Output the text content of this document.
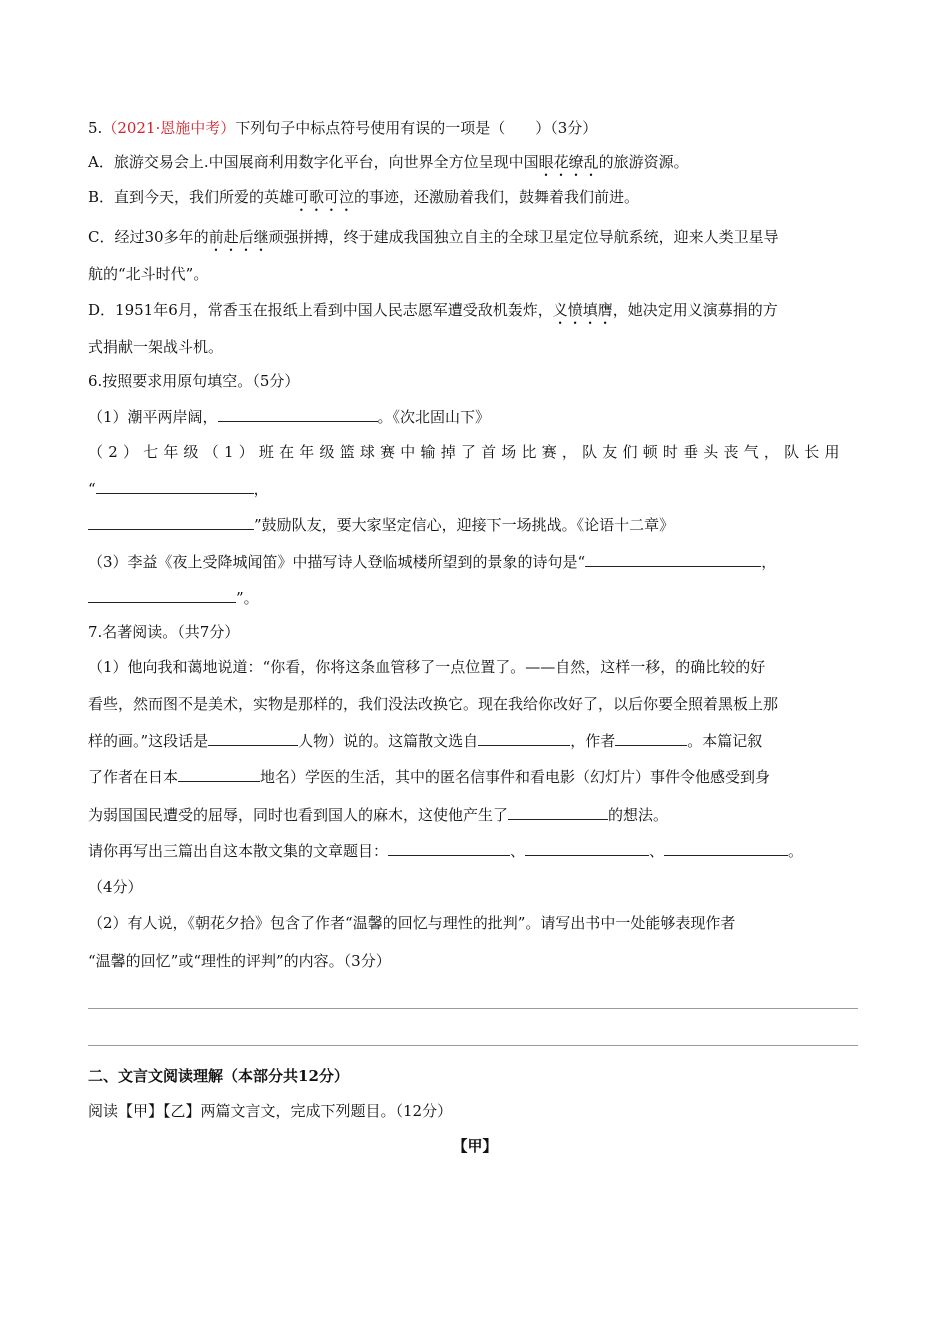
5.（2021·恩施中考）下列句子中标点符号使用有误的一项是（　　）（3分）
A．旅游交易会上.中国展商利用数字化平台，向世界全方位呈现中国眼花缭乱的旅游资源。
B．直到今天，我们所爱的英雄可歌可泣的事迹，还激励着我们，鼓舞着我们前进。
C．经过30多年的前赴后继顽强拼搏，终于建成我国独立自主的全球卫星定位导航系统，迎来人类卫星导
航的“北斗时代”。
D．1951年6月，常香玉在报纸上看到中国人民志愿军遭受敌机轰炸，义愤填膺，她决定用义演募捐的方
式捐献一架战斗机。
6.按照要求用原句填空。（5分）
（1）潮平两岸阔，	。《次北固山下》
（2）七年级（1）班在年级篮球赛中输掉了首场比赛，队友们顿时垂头丧气，队长用
“	，
”鼓励队友，要大家坚定信心，迎接下一场挑战。《论语十二章》
（3）李益《夜上受降城闻笛》中描写诗人登临城楼所望到的景象的诗句是“	，
”。
7.名著阅读。（共7分）
（1）他向我和蔼地说道：“你看，你将这条血管移了一点位置了。——自然，这样一移，的确比较的好
看些，然而图不是美术，实物是那样的，我们没法改换它。现在我给你改好了，以后你要全照着黑板上那
样的画。”这段话是	人物）说的。这篇散文选自	，作者	。本篇记叙
了作者在日本	地名）学医的生活，其中的匿名信事件和看电影（幻灯片）事件令他感受到身
为弱国国民遭受的屈辱，同时也看到国人的麻木，这使他产生了	的想法。
请你再写出三篇出自这本散文集的文章题目：	、	、	。
（4分）
（2）有人说，《朝花夕拾》包含了作者“温馨的回忆与理性的批判”。请写出书中一处能够表现作者
“温馨的回忆”或“理性的评判”的内容。（3分）
二、文言文阅读理解（本部分共12分）
阅读【甲】【乙】两篇文言文，完成下列题目。（12分）
【甲】
